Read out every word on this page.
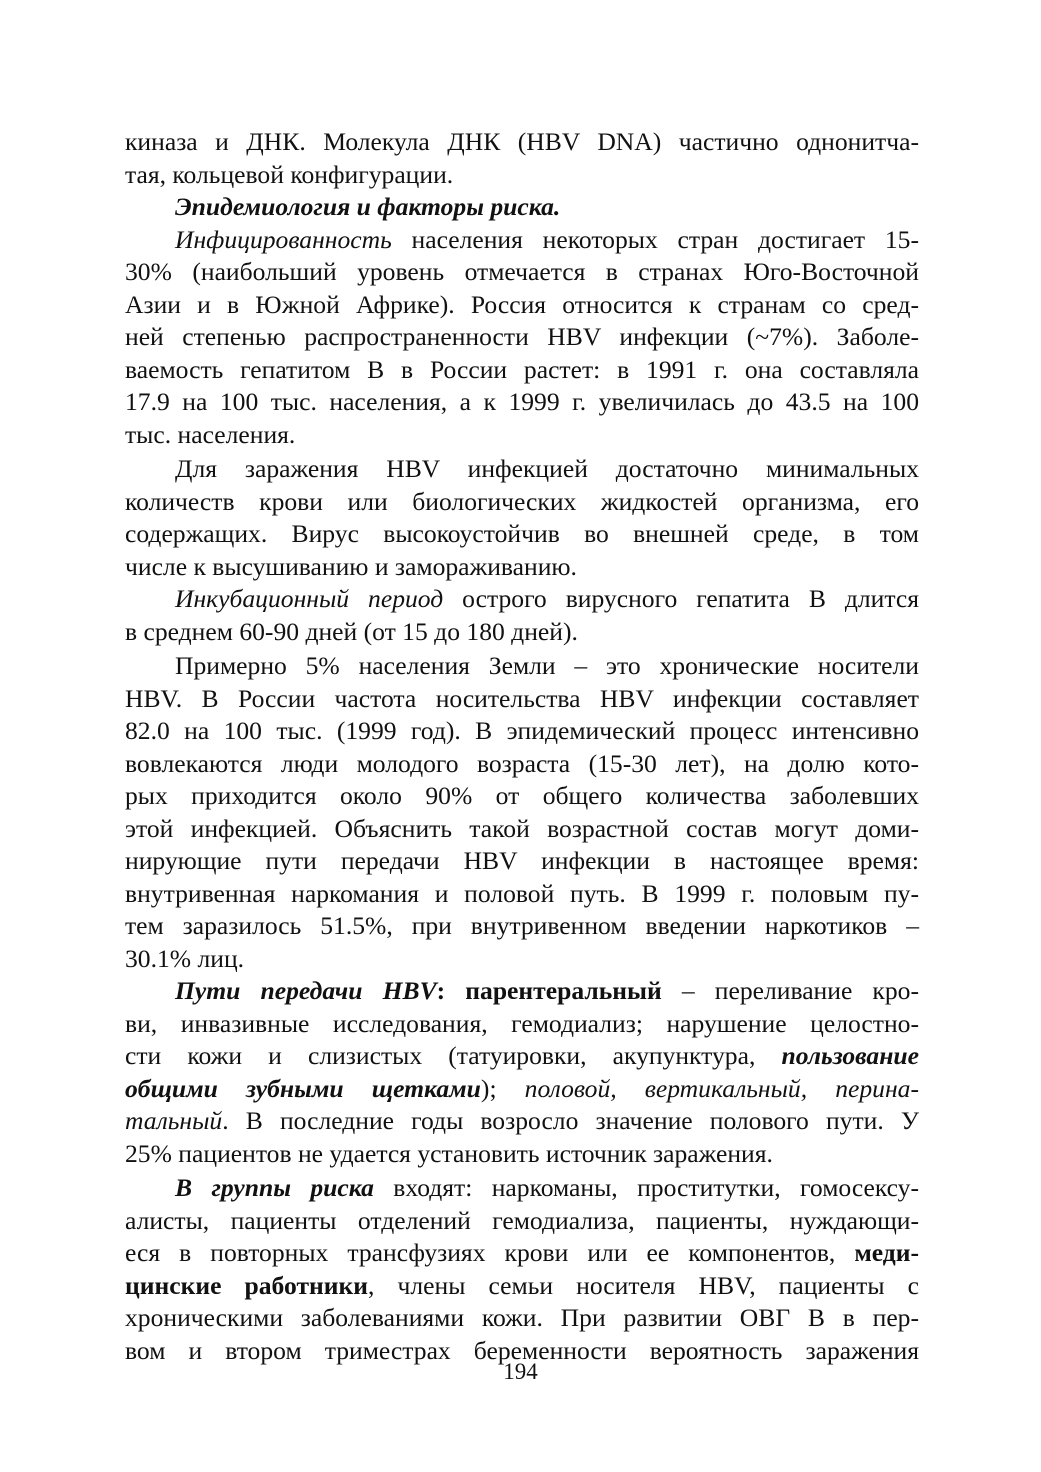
киназа и ДНК. Молекула ДНК (HBV DNA) частично однонитча-
тая, кольцевой конфигурации.
Эпидемиология и факторы риска.
Инфицированность населения некоторых стран достигает 15-
30% (наибольший уровень отмечается в странах Юго-Восточной
Азии и в Южной Африке). Россия относится к странам со сред-
ней степенью распространенности HBV инфекции (~7%). Заболе-
ваемость гепатитом В в России растет: в 1991 г. она составляла
17.9 на 100 тыс. населения, а к 1999 г. увеличилась до 43.5 на 100
тыс. населения.
Для заражения HBV инфекцией достаточно минимальных
количеств крови или биологических жидкостей организма, его
содержащих. Вирус высокоустойчив во внешней среде, в том
числе к высушиванию и замораживанию.
Инкубационный период острого вирусного гепатита В длится
в среднем 60-90 дней (от 15 до 180 дней).
Примерно 5% населения Земли – это хронические носители
HBV. В России частота носительства HBV инфекции составляет
82.0 на 100 тыс. (1999 год). В эпидемический процесс интенсивно
вовлекаются люди молодого возраста (15-30 лет), на долю кото-
рых приходится около 90% от общего количества заболевших
этой инфекцией. Объяснить такой возрастной состав могут доми-
нирующие пути передачи HBV инфекции в настоящее время:
внутривенная наркомания и половой путь. В 1999 г. половым пу-
тем заразилось 51.5%, при внутривенном введении наркотиков –
30.1% лиц.
Пути передачи HBV: парентеральный – переливание кро-
ви, инвазивные исследования, гемодиализ; нарушение целостно-
сти кожи и слизистых (татуировки, акупунктура, пользование
общими зубными щетками); половой, вертикальный, перина-
тальный. В последние годы возросло значение полового пути. У
25% пациентов не удается установить источник заражения.
В группы риска входят: наркоманы, проститутки, гомосексу-
алисты, пациенты отделений гемодиализа, пациенты, нуждающи-
еся в повторных трансфузиях крови или ее компонентов, меди-
цинские работники, члены семьи носителя HBV, пациенты с
хроническими заболеваниями кожи. При развитии ОВГ В в пер-
вом и втором триместрах беременности вероятность заражения
194
